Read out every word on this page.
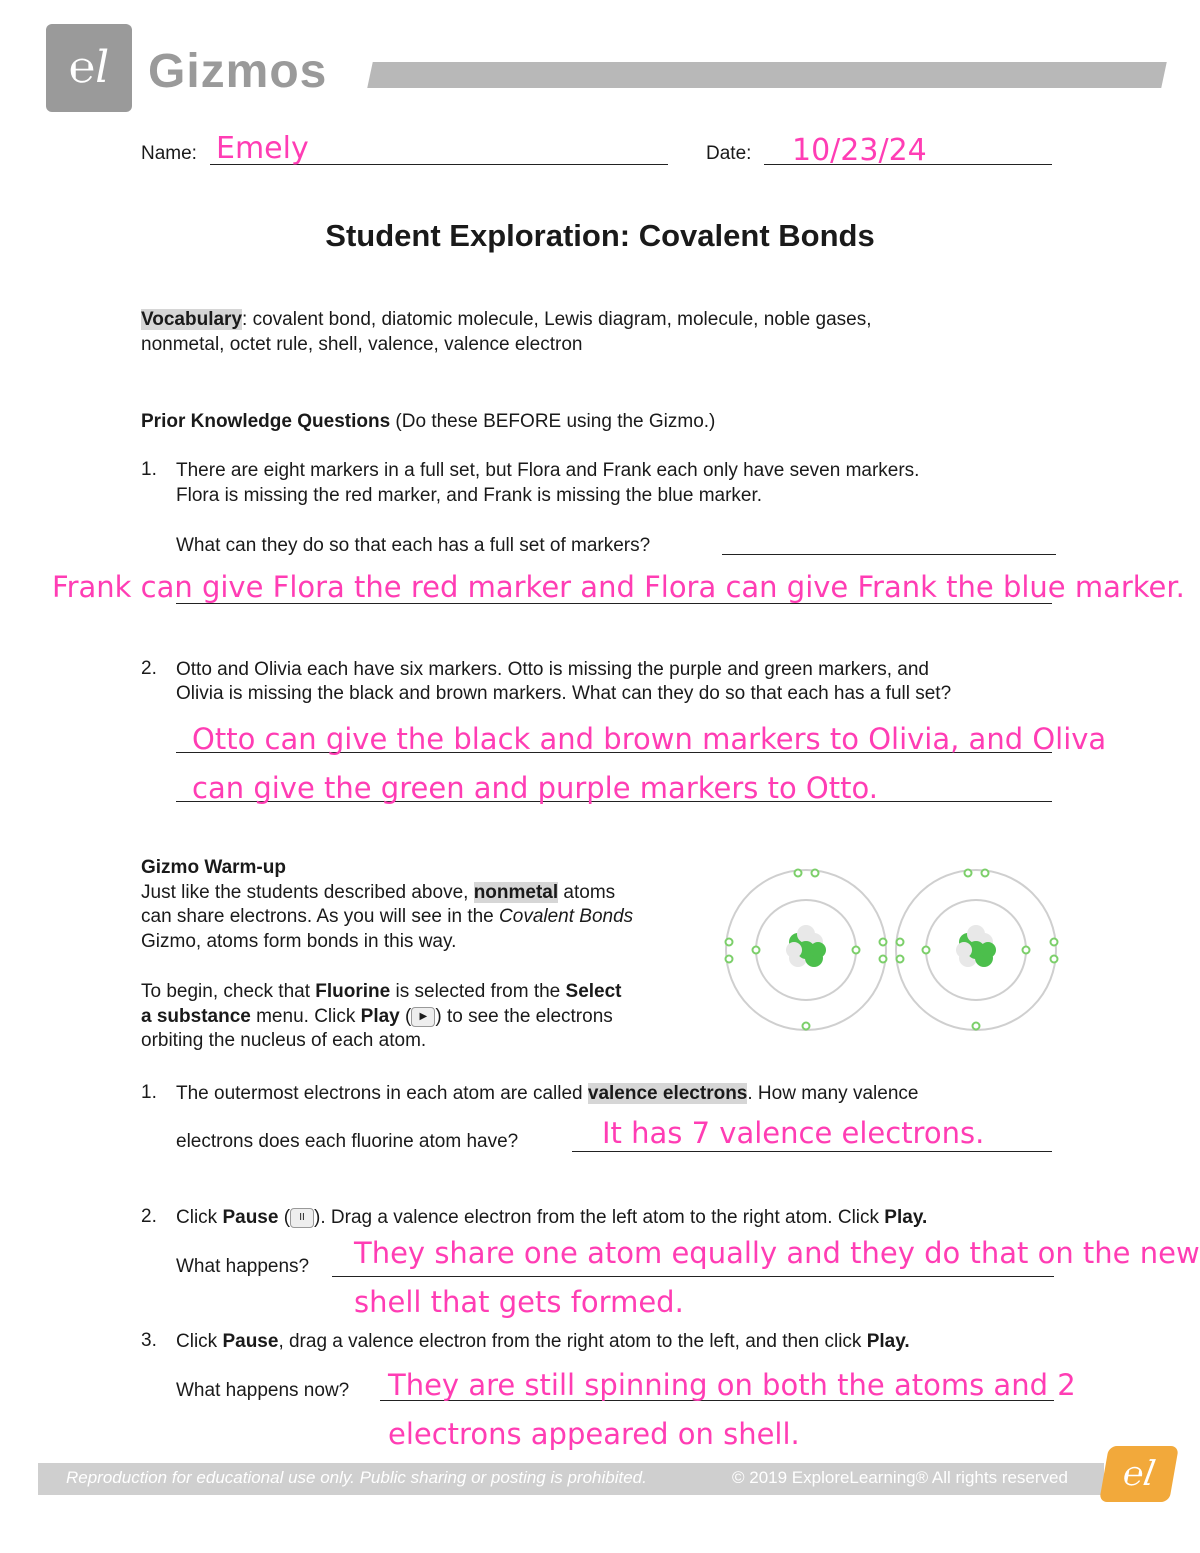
℮l Gizmos
Name: Emely	Date: 10/23/24
Student Exploration: Covalent Bonds
Vocabulary: covalent bond, diatomic molecule, Lewis diagram, molecule, noble gases,
nonmetal, octet rule, shell, valence, valence electron
Prior Knowledge Questions (Do these BEFORE using the Gizmo.)
1. There are eight markers in a full set, but Flora and Frank each only have seven markers.
Flora is missing the red marker, and Frank is missing the blue marker.
What can they do so that each has a full set of markers?
Frank can give Flora the red marker and Flora can give Frank the blue marker.
2. Otto and Olivia each have six markers. Otto is missing the purple and green markers, and
Olivia is missing the black and brown markers. What can they do so that each has a full set?
Otto can give the black and brown markers to Olivia, and Oliva
can give the green and purple markers to Otto.
Gizmo Warm-up
Just like the students described above, nonmetal atoms
can share electrons. As you will see in the Covalent Bonds
Gizmo, atoms form bonds in this way.
To begin, check that Fluorine is selected from the Select
a substance menu. Click Play ( ▶ ) to see the electrons
orbiting the nucleus of each atom.
1. The outermost electrons in each atom are called valence electrons. How many valence
electrons does each fluorine atom have?	It has 7 valence electrons.
2. Click Pause ( II ). Drag a valence electron from the left atom to the right atom. Click Play.
What happens? They share one atom equally and they do that on the new
shell that gets formed.
3. Click Pause, drag a valence electron from the right atom to the left, and then click Play.
What happens now? They are still spinning on both the atoms and 2
electrons appeared on shell.
Reproduction for educational use only. Public sharing or posting is prohibited.	© 2019 ExploreLearning® All rights reserved	℮l
